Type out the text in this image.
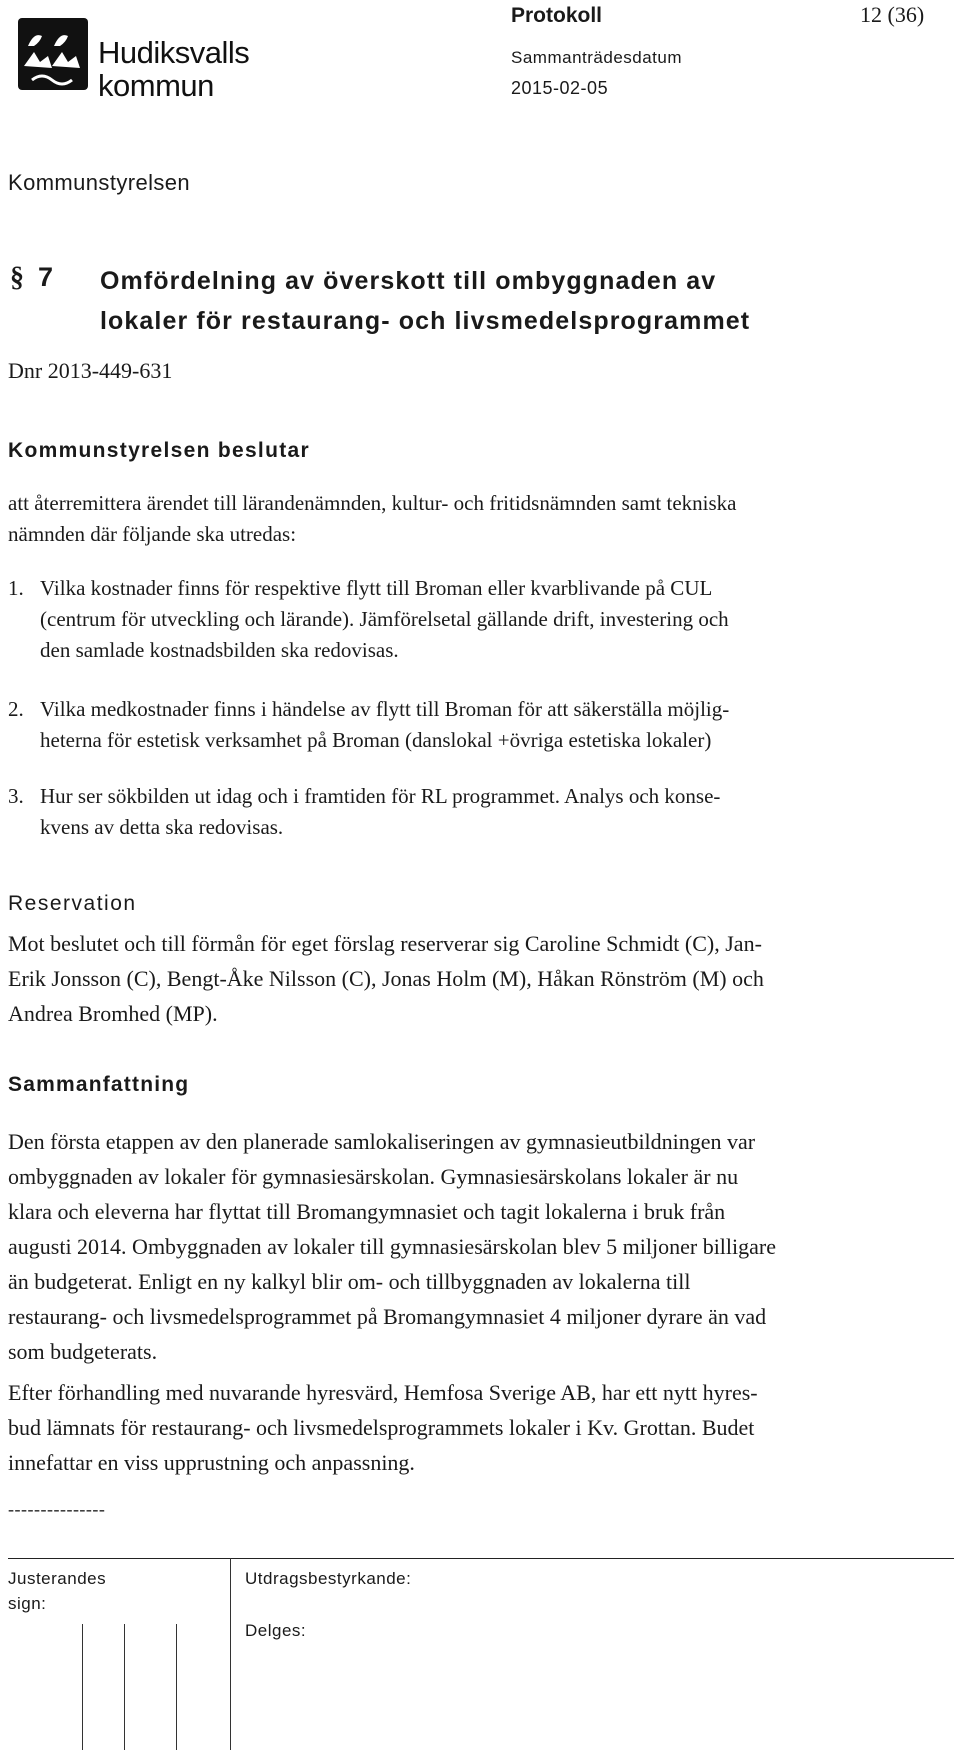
Hudiksvalls
kommun
Protokoll	12 (36)
Sammanträdesdatum
2015-02-05
Kommunstyrelsen
§ 7 Omfördelning av överskott till ombyggnaden av
lokaler för restaurang- och livsmedelsprogrammet
Dnr 2013-449-631
Kommunstyrelsen beslutar
att återremittera ärendet till lärandenämnden, kultur- och fritidsnämnden samt tekniska
nämnden där följande ska utredas:
1. Vilka kostnader finns för respektive flytt till Broman eller kvarblivande på CUL
(centrum för utveckling och lärande). Jämförelsetal gällande drift, investering och
den samlade kostnadsbilden ska redovisas.
2. Vilka medkostnader finns i händelse av flytt till Broman för att säkerställa möjlig-
heterna för estetisk verksamhet på Broman (danslokal +övriga estetiska lokaler)
3. Hur ser sökbilden ut idag och i framtiden för RL programmet. Analys och konse-
kvens av detta ska redovisas.
Reservation
Mot beslutet och till förmån för eget förslag reserverar sig Caroline Schmidt (C), Jan-
Erik Jonsson (C), Bengt-Åke Nilsson (C), Jonas Holm (M), Håkan Rönström (M) och
Andrea Bromhed (MP).
Sammanfattning
Den första etappen av den planerade samlokaliseringen av gymnasieutbildningen var
ombyggnaden av lokaler för gymnasiesärskolan. Gymnasiesärskolans lokaler är nu
klara och eleverna har flyttat till Bromangymnasiet och tagit lokalerna i bruk från
augusti 2014. Ombyggnaden av lokaler till gymnasiesärskolan blev 5 miljoner billigare
än budgeterat. Enligt en ny kalkyl blir om- och tillbyggnaden av lokalerna till
restaurang- och livsmedelsprogrammet på Bromangymnasiet 4 miljoner dyrare än vad
som budgeterats.
Efter förhandling med nuvarande hyresvärd, Hemfosa Sverige AB, har ett nytt hyres-
bud lämnats för restaurang- och livsmedelsprogrammets lokaler i Kv. Grottan. Budet
innefattar en viss upprustning och anpassning.
---------------
Justerandes
sign:
Utdragsbestyrkande:
Delges:
